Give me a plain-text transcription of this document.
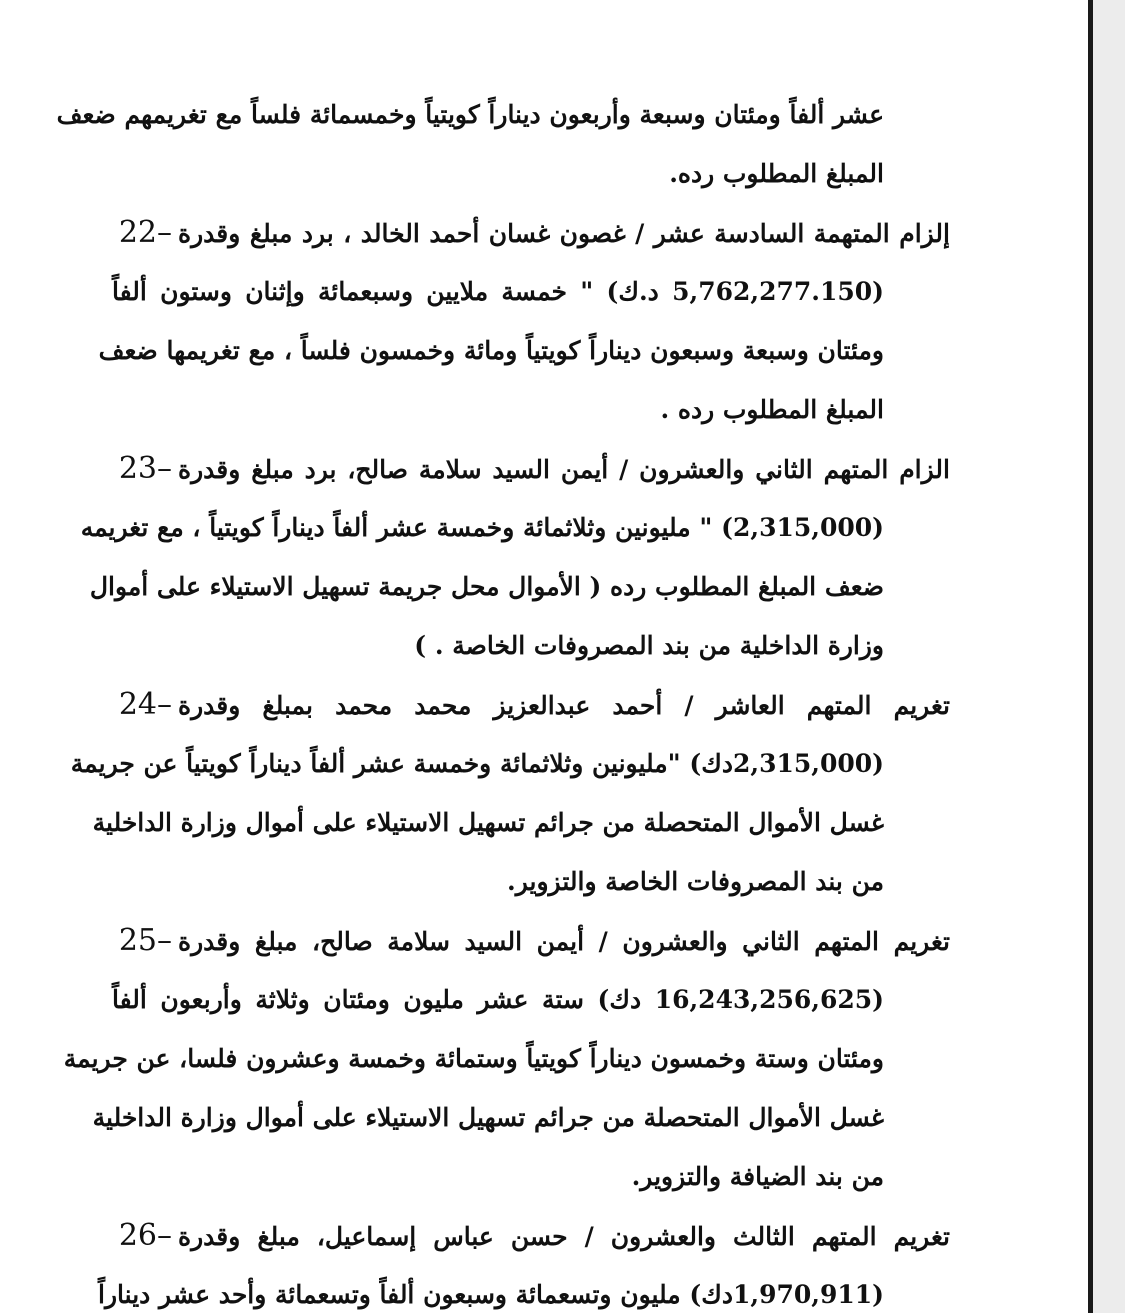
عشر ألفاً ومئتان وسبعة وأربعون ديناراً كويتياً وخمسمائة فلساً مع تغريمهم ضعف
المبلغ المطلوب رده.
إلزام المتهمة السادسة عشر / غصون غسان أحمد الخالد ، برد مبلغ وقدرة22–
(5,762,277.150 د.ك) " خمسة ملايين وسبعمائة وإثنان وستون ألفاً
ومئتان وسبعة وسبعون ديناراً كويتياً ومائة وخمسون فلساً ، مع تغريمها ضعف
المبلغ المطلوب رده .
الزام المتهم الثاني والعشرون / أيمن السيد سلامة صالح، برد مبلغ وقدرة23–
(2,315,000) " مليونين وثلاثمائة وخمسة عشر ألفاً ديناراً كويتياً ، مع تغريمه
ضعف المبلغ المطلوب رده ( الأموال محل جريمة تسهيل الاستيلاء على أموال
وزارة الداخلية من بند المصروفات الخاصة . )
تغريم المتهم العاشر / أحمد عبدالعزيز محمد محمد بمبلغ وقدرة24–
(2,315,000دك) "مليونين وثلاثمائة وخمسة عشر ألفاً ديناراً كويتياً عن جريمة
غسل الأموال المتحصلة من جرائم تسهيل الاستيلاء على أموال وزارة الداخلية
من بند المصروفات الخاصة والتزوير.
تغريم المتهم الثاني والعشرون / أيمن السيد سلامة صالح، مبلغ وقدرة25–
(16,243,256,625 دك) ستة عشر مليون ومئتان وثلاثة وأربعون ألفاً
ومئتان وستة وخمسون ديناراً كويتياً وستمائة وخمسة وعشرون فلسا، عن جريمة
غسل الأموال المتحصلة من جرائم تسهيل الاستيلاء على أموال وزارة الداخلية
من بند الضيافة والتزوير.
تغريم المتهم الثالث والعشرون / حسن عباس إسماعيل، مبلغ وقدرة26–
(1,970,911دك) مليون وتسعمائة وسبعون ألفاً وتسعمائة وأحد عشر ديناراً
